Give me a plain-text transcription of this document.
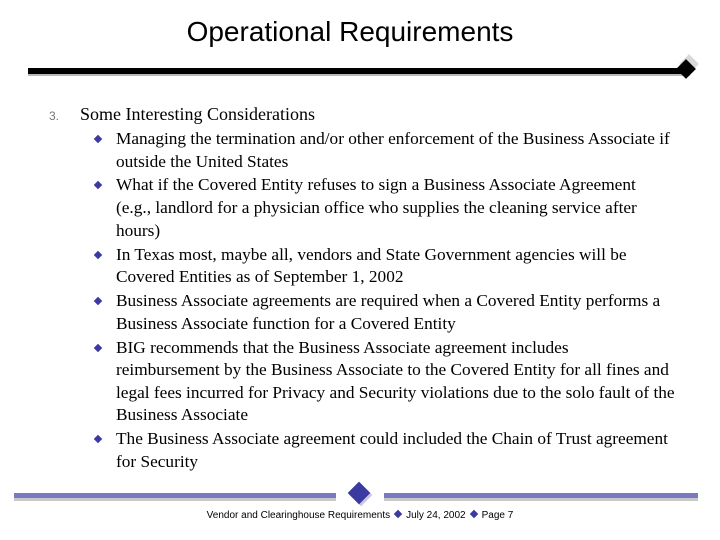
Operational Requirements
3. Some Interesting Considerations
Managing the termination and/or other enforcement of the Business Associate if outside the United States
What if the Covered Entity refuses to sign a Business Associate Agreement (e.g., landlord for a physician office who supplies the cleaning service after hours)
In Texas most, maybe all, vendors and State Government agencies will be Covered Entities as of September 1, 2002
Business Associate agreements are required when a Covered Entity performs a Business Associate function for a Covered Entity
BIG recommends that the Business Associate agreement includes reimbursement by the Business Associate to the Covered Entity for all fines and legal fees incurred for Privacy and Security violations due to the solo fault of the Business Associate
The Business Associate agreement could included the Chain of Trust agreement for Security
Vendor and Clearinghouse Requirements July 24, 2002 Page 7
